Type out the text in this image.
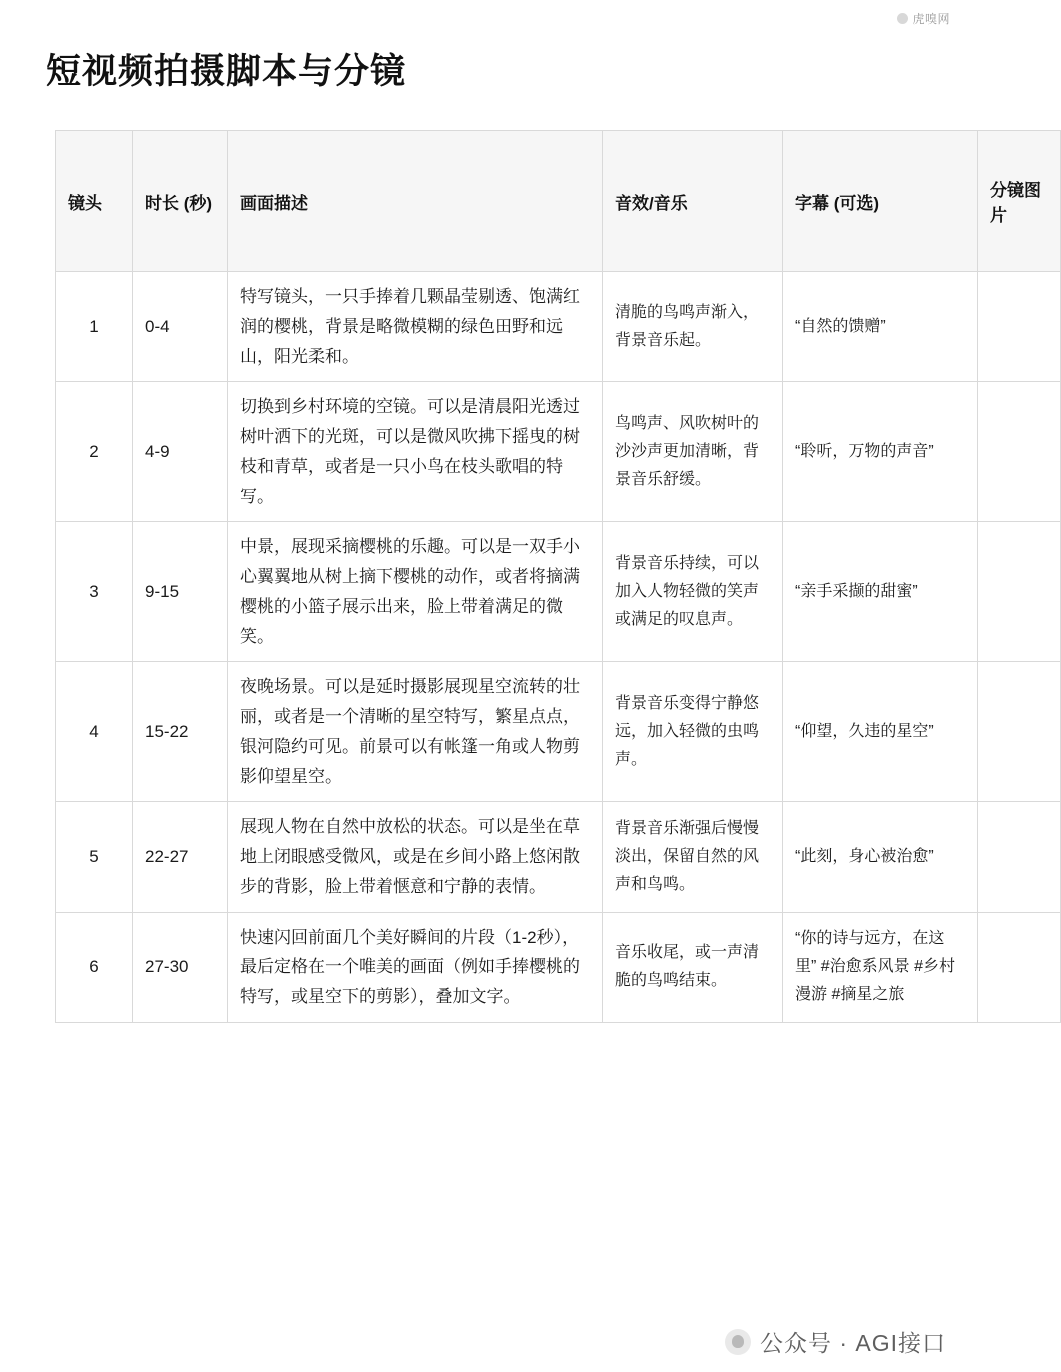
虎嗅网
短视频拍摄脚本与分镜
镜头	时长 (秒)	画面描述	音效/音乐	字幕 (可选)	分镜图片
1	0-4	特写镜头，一只手捧着几颗晶莹剔透、饱满红润的樱桃，背景是略微模糊的绿色田野和远山，阳光柔和。	清脆的鸟鸣声渐入，背景音乐起。	“自然的馈赠”	
2	4-9	切换到乡村环境的空镜。可以是清晨阳光透过树叶洒下的光斑，可以是微风吹拂下摇曳的树枝和青草，或者是一只小鸟在枝头歌唱的特写。	鸟鸣声、风吹树叶的沙沙声更加清晰，背景音乐舒缓。	“聆听，万物的声音”	
3	9-15	中景，展现采摘樱桃的乐趣。可以是一双手小心翼翼地从树上摘下樱桃的动作，或者将摘满樱桃的小篮子展示出来，脸上带着满足的微笑。	背景音乐持续，可以加入人物轻微的笑声或满足的叹息声。	“亲手采撷的甜蜜”	
4	15-22	夜晚场景。可以是延时摄影展现星空流转的壮丽，或者是一个清晰的星空特写，繁星点点，银河隐约可见。前景可以有帐篷一角或人物剪影仰望星空。	背景音乐变得宁静悠远，加入轻微的虫鸣声。	“仰望，久违的星空”	
5	22-27	展现人物在自然中放松的状态。可以是坐在草地上闭眼感受微风，或是在乡间小路上悠闲散步的背影，脸上带着惬意和宁静的表情。	背景音乐渐强后慢慢淡出，保留自然的风声和鸟鸣。	“此刻，身心被治愈”	
6	27-30	快速闪回前面几个美好瞬间的片段（1-2秒），最后定格在一个唯美的画面（例如手捧樱桃的特写，或星空下的剪影），叠加文字。	音乐收尾，或一声清脆的鸟鸣结束。	“你的诗与远方，在这里” #治愈系风景 #乡村漫游 #摘星之旅	
公众号 · AGI接口
